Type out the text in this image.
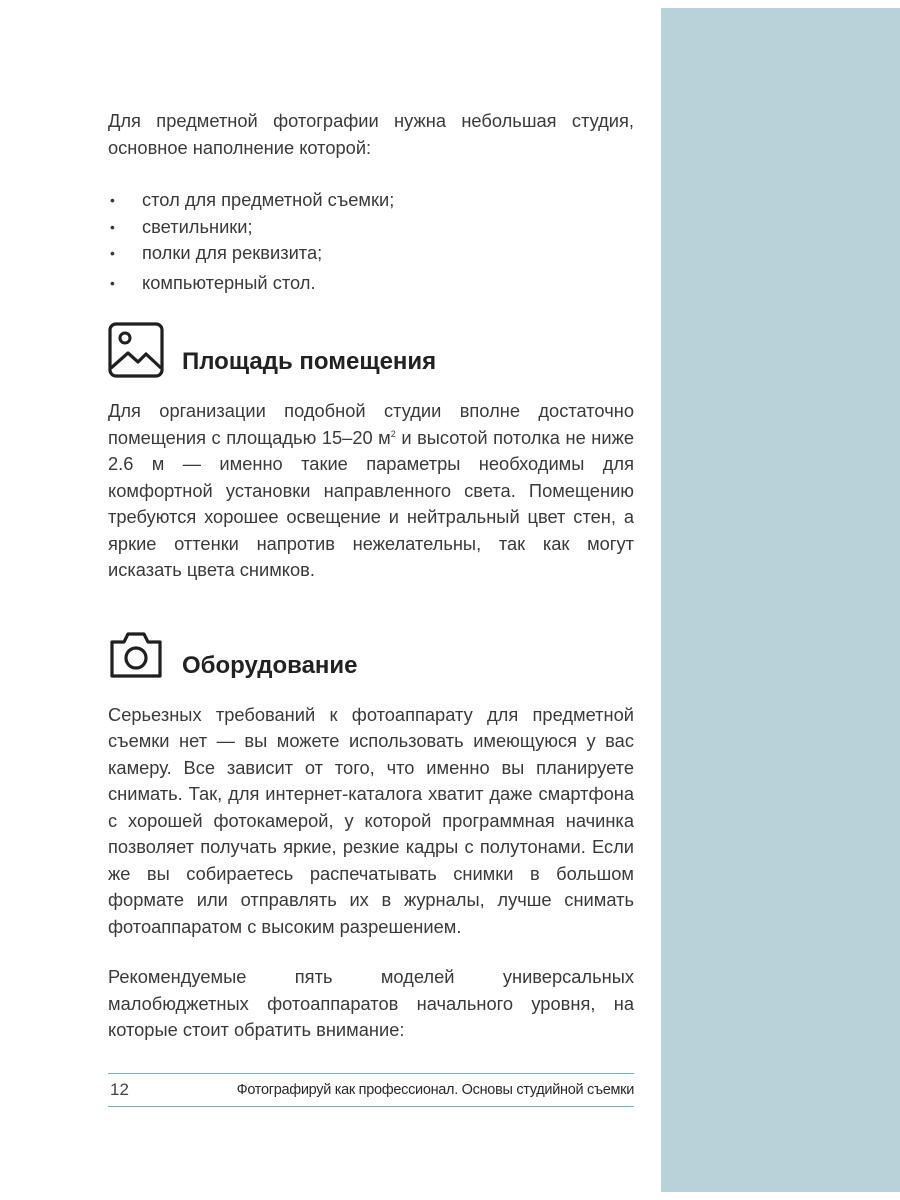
Для предметной фотографии нужна небольшая студия, основное наполнение которой:

• стол для предметной съемки;
• светильники;
• полки для реквизита;
• компьютерный стол.
Площадь помещения

Для организации подобной студии вполне достаточно помещения с площадью 15–20 $м^2$ и высотой потолка не ниже 2.6 м — именно такие параметры необходимы для комфортной установки направленного света. Помещению требуются хорошее освещение и нейтральный цвет стен, а яркие оттенки напротив нежелательны, так как могут исказать цвета снимков.

Оборудование

Серьезных требований к фотоаппарату для предметной съемки нет — вы можете использовать имеющуюся у вас камеру. Все зависит от того, что именно вы планируете снимать. Так, для интернет-каталога хватит даже смартфона с хорошей фотокамерой, у которой программная начинка позволяет получать яркие, резкие кадры с полутонами. Если же вы собираетесь распечатывать снимки в большом формате или отправлять их в журналы, лучше снимать фотоаппаратом с высоким разрешением.

Рекомендуемые пять моделей универсальных малобюджетных фотоаппаратов начального уровня, на которые стоит обратить внимание:

12	Фотографируй как профессионал. Основы студийной съемки
